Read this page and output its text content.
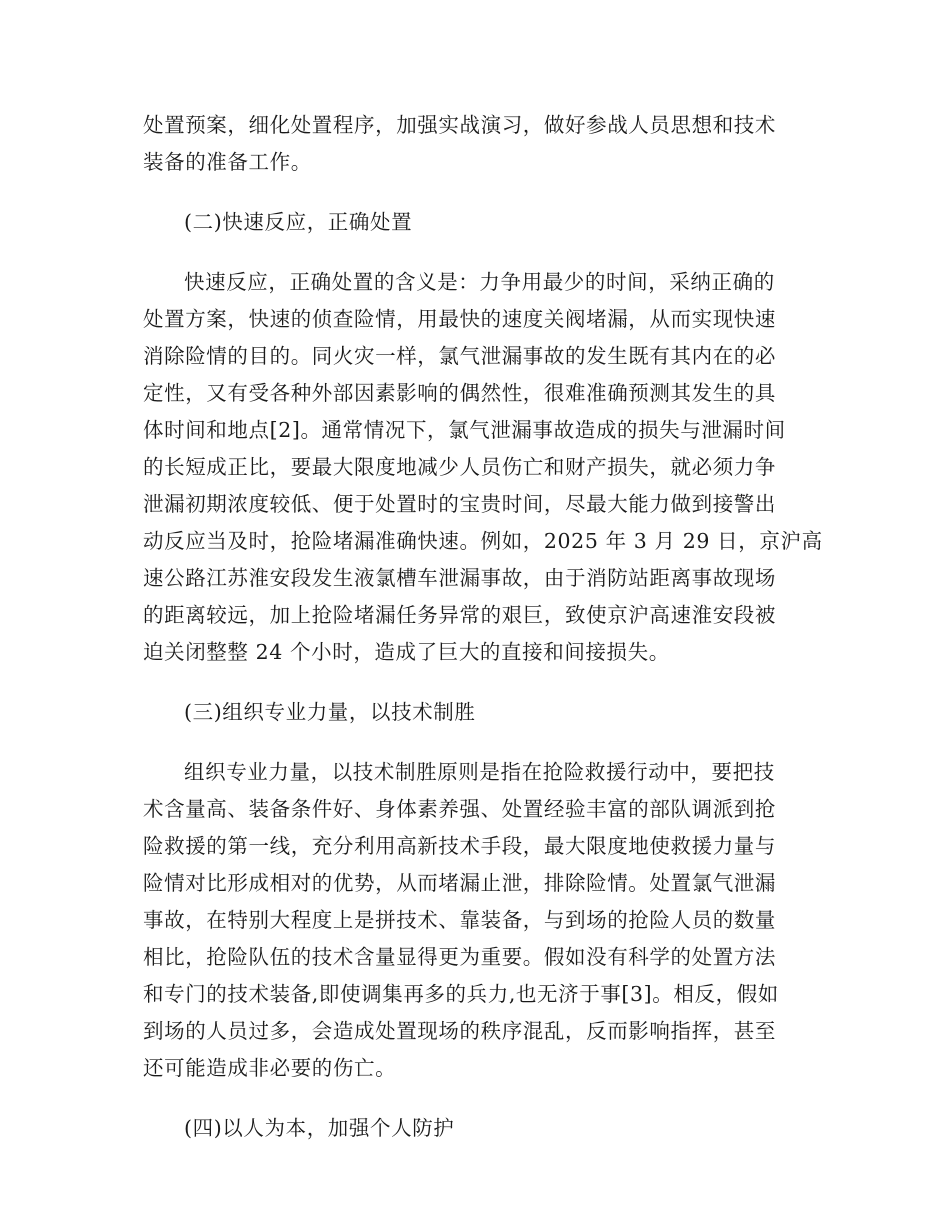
处置预案，细化处置程序，加强实战演习，做好参战人员思想和技术
装备的准备工作。
(二)快速反应，正确处置
快速反应，正确处置的含义是：力争用最少的时间，采纳正确的
处置方案，快速的侦查险情，用最快的速度关阀堵漏，从而实现快速
消除险情的目的。同火灾一样，氯气泄漏事故的发生既有其内在的必
定性，又有受各种外部因素影响的偶然性，很难准确预测其发生的具
体时间和地点[2]。通常情况下，氯气泄漏事故造成的损失与泄漏时间
的长短成正比，要最大限度地减少人员伤亡和财产损失，就必须力争
泄漏初期浓度较低、便于处置时的宝贵时间，尽最大能力做到接警出
动反应当及时，抢险堵漏准确快速。例如，2025 年 3 月 29 日，京沪高
速公路江苏淮安段发生液氯槽车泄漏事故，由于消防站距离事故现场
的距离较远，加上抢险堵漏任务异常的艰巨，致使京沪高速淮安段被
迫关闭整整 24 个小时，造成了巨大的直接和间接损失。
(三)组织专业力量，以技术制胜
组织专业力量，以技术制胜原则是指在抢险救援行动中，要把技
术含量高、装备条件好、身体素养强、处置经验丰富的部队调派到抢
险救援的第一线，充分利用高新技术手段，最大限度地使救援力量与
险情对比形成相对的优势，从而堵漏止泄，排除险情。处置氯气泄漏
事故，在特别大程度上是拼技术、靠装备，与到场的抢险人员的数量
相比，抢险队伍的技术含量显得更为重要。假如没有科学的处置方法
和专门的技术装备,即使调集再多的兵力,也无济于事[3]。相反，假如
到场的人员过多，会造成处置现场的秩序混乱，反而影响指挥，甚至
还可能造成非必要的伤亡。
(四)以人为本，加强个人防护
